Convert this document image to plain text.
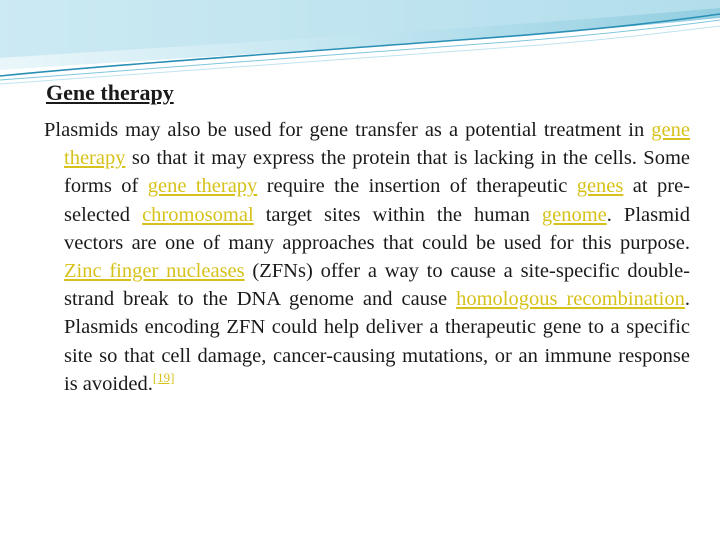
Gene therapy

Plasmids may also be used for gene transfer as a potential treatment in gene therapy so that it may express the protein that is lacking in the cells. Some forms of gene therapy require the insertion of therapeutic genes at pre-selected chromosomal target sites within the human genome. Plasmid vectors are one of many approaches that could be used for this purpose. Zinc finger nucleases (ZFNs) offer a way to cause a site-specific double-strand break to the DNA genome and cause homologous recombination. Plasmids encoding ZFN could help deliver a therapeutic gene to a specific site so that cell damage, cancer-causing mutations, or an immune response is avoided.[19]
